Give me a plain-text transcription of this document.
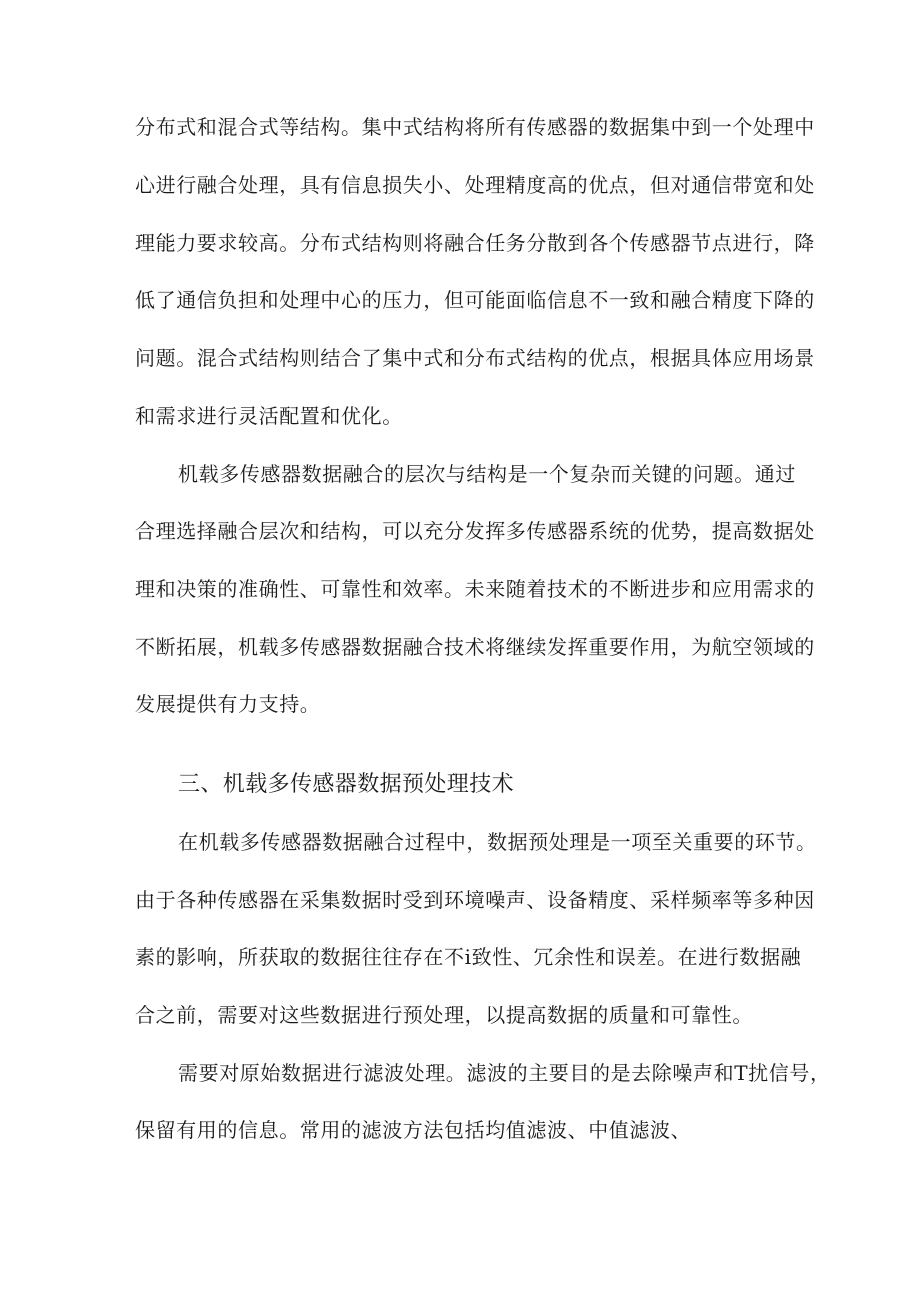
分布式和混合式等结构。集中式结构将所有传感器的数据集中到一个处理中
心进行融合处理，具有信息损失小、处理精度高的优点，但对通信带宽和处
理能力要求较高。分布式结构则将融合任务分散到各个传感器节点进行，降
低了通信负担和处理中心的压力，但可能面临信息不一致和融合精度下降的
问题。混合式结构则结合了集中式和分布式结构的优点，根据具体应用场景
和需求进行灵活配置和优化。
机载多传感器数据融合的层次与结构是一个复杂而关键的问题。通过
合理选择融合层次和结构，可以充分发挥多传感器系统的优势，提高数据处
理和决策的准确性、可靠性和效率。未来随着技术的不断进步和应用需求的
不断拓展，机载多传感器数据融合技术将继续发挥重要作用，为航空领域的
发展提供有力支持。
三、机载多传感器数据预处理技术
在机载多传感器数据融合过程中，数据预处理是一项至关重要的环节。
由于各种传感器在采集数据时受到环境噪声、设备精度、采样频率等多种因
素的影响，所获取的数据往往存在不i致性、冗余性和误差。在进行数据融
合之前，需要对这些数据进行预处理，以提高数据的质量和可靠性。
需要对原始数据进行滤波处理。滤波的主要目的是去除噪声和T扰信号，
保留有用的信息。常用的滤波方法包括均值滤波、中值滤波、
